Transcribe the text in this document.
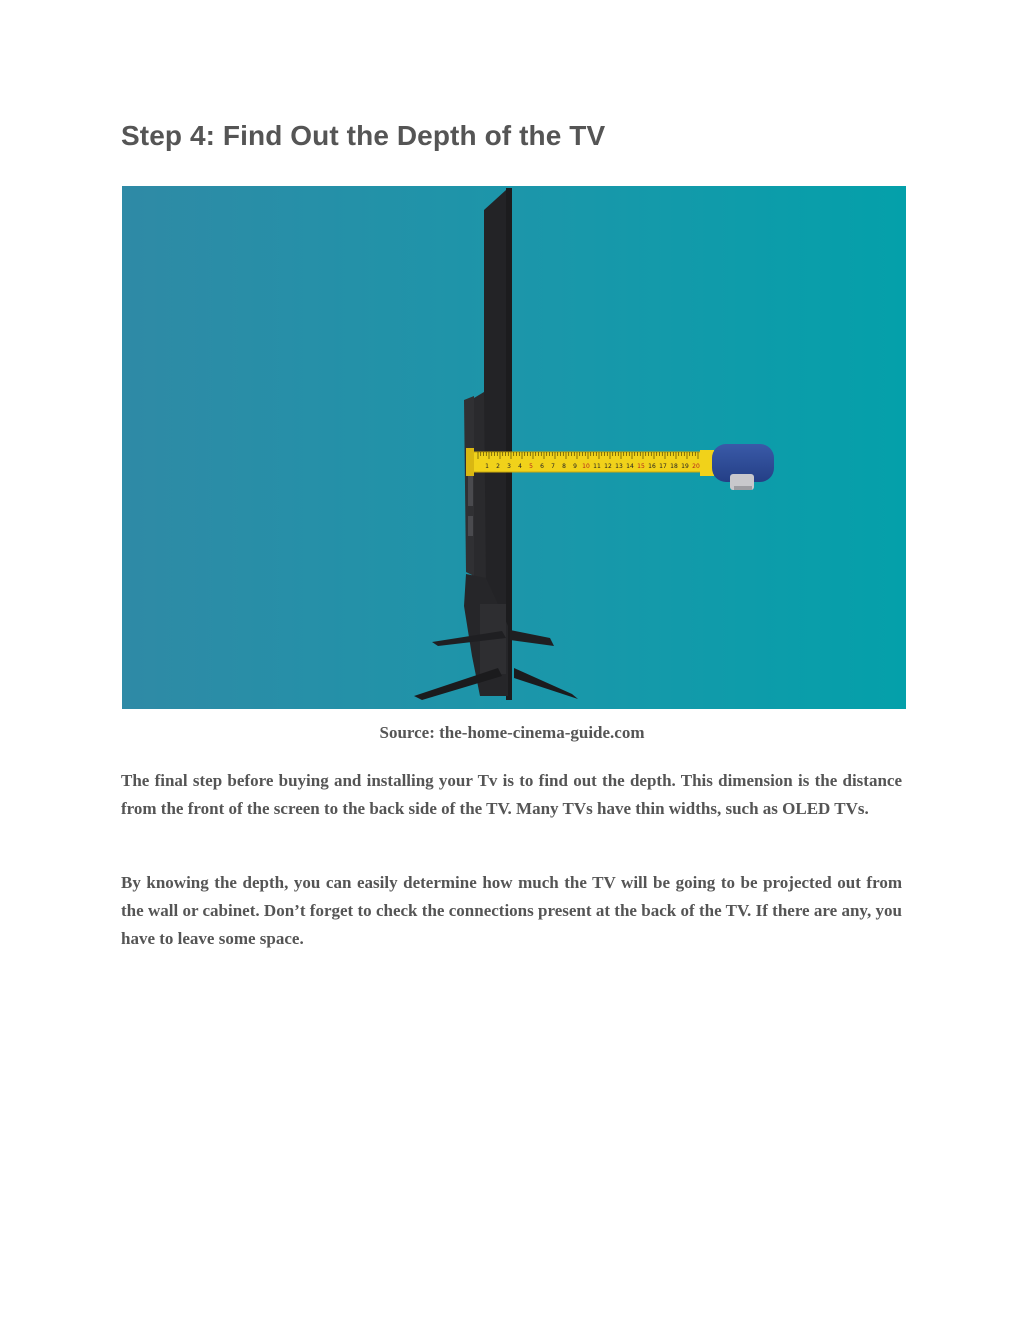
Step 4: Find Out the Depth of the TV
1 2 3 4 5 6 7 8 9 10 11 12 13 14 15 16 17 18 19 20
Source: the-home-cinema-guide.com

The final step before buying and installing your Tv is to find out the depth. This dimension is the distance from the front of the screen to the back side of the TV. Many TVs have thin widths, such as OLED TVs.

By knowing the depth, you can easily determine how much the TV will be going to be projected out from the wall or cabinet. Don’t forget to check the connections present at the back of the TV. If there are any, you have to leave some space.
